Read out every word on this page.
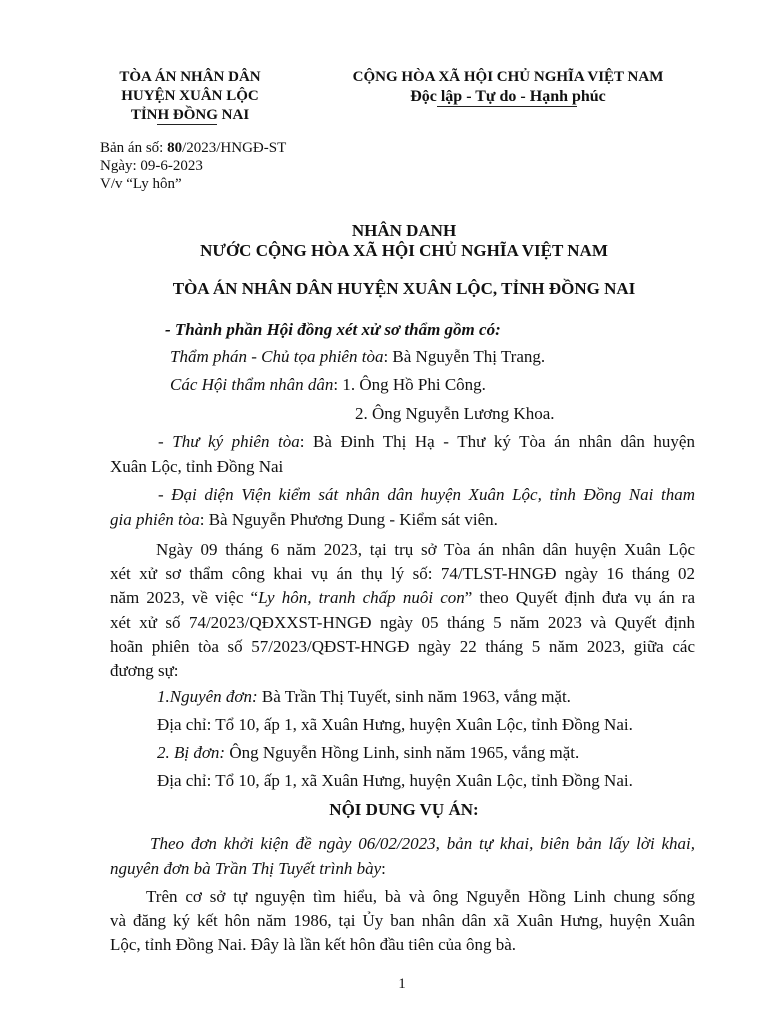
TÒA ÁN NHÂN DÂN
HUYỆN XUÂN LỘC
TỈNH ĐỒNG NAI
CỘNG HÒA XÃ HỘI CHỦ NGHĨA VIỆT NAM
Độc lập - Tự do - Hạnh phúc
Bản án số: 80/2023/HNGĐ-ST
Ngày: 09-6-2023
V/v “Ly hôn”
NHÂN DANH
NƯỚC CỘNG HÒA XÃ HỘI CHỦ NGHĨA VIỆT NAM
TÒA ÁN NHÂN DÂN HUYỆN XUÂN LỘC, TỈNH ĐỒNG NAI
- Thành phần Hội đồng xét xử sơ thẩm gồm có:
Thẩm phán - Chủ tọa phiên tòa: Bà Nguyễn Thị Trang.
Các Hội thẩm nhân dân: 1. Ông Hồ Phi Công.
2. Ông Nguyễn Lương Khoa.
- Thư ký phiên tòa: Bà Đinh Thị Hạ - Thư ký Tòa án nhân dân huyện
Xuân Lộc, tỉnh Đồng Nai
- Đại diện Viện kiểm sát nhân dân huyện Xuân Lộc, tỉnh Đồng Nai tham
gia phiên tòa: Bà Nguyễn Phương Dung - Kiểm sát viên.
Ngày 09 tháng 6 năm 2023, tại trụ sở Tòa án nhân dân huyện Xuân Lộc
xét xử sơ thẩm công khai vụ án thụ lý số: 74/TLST-HNGĐ ngày 16 tháng 02
năm 2023, về việc “Ly hôn, tranh chấp nuôi con” theo Quyết định đưa vụ án ra
xét xử số 74/2023/QĐXXST-HNGĐ ngày 05 tháng 5 năm 2023 và Quyết định
hoãn phiên tòa số 57/2023/QĐST-HNGĐ ngày 22 tháng 5 năm 2023, giữa các
đương sự:
1.Nguyên đơn: Bà Trần Thị Tuyết, sinh năm 1963, vắng mặt.
Địa chỉ: Tổ 10, ấp 1, xã Xuân Hưng, huyện Xuân Lộc, tỉnh Đồng Nai.
2. Bị đơn: Ông Nguyễn Hồng Linh, sinh năm 1965, vắng mặt.
Địa chỉ: Tổ 10, ấp 1, xã Xuân Hưng, huyện Xuân Lộc, tỉnh Đồng Nai.
NỘI DUNG VỤ ÁN:
Theo đơn khởi kiện đề ngày 06/02/2023, bản tự khai, biên bản lấy lời khai,
nguyên đơn bà Trần Thị Tuyết trình bày:
Trên cơ sở tự nguyện tìm hiểu, bà và ông Nguyễn Hồng Linh chung sống
và đăng ký kết hôn năm 1986, tại Ủy ban nhân dân xã Xuân Hưng, huyện Xuân
Lộc, tỉnh Đồng Nai. Đây là lần kết hôn đầu tiên của ông bà.
1
